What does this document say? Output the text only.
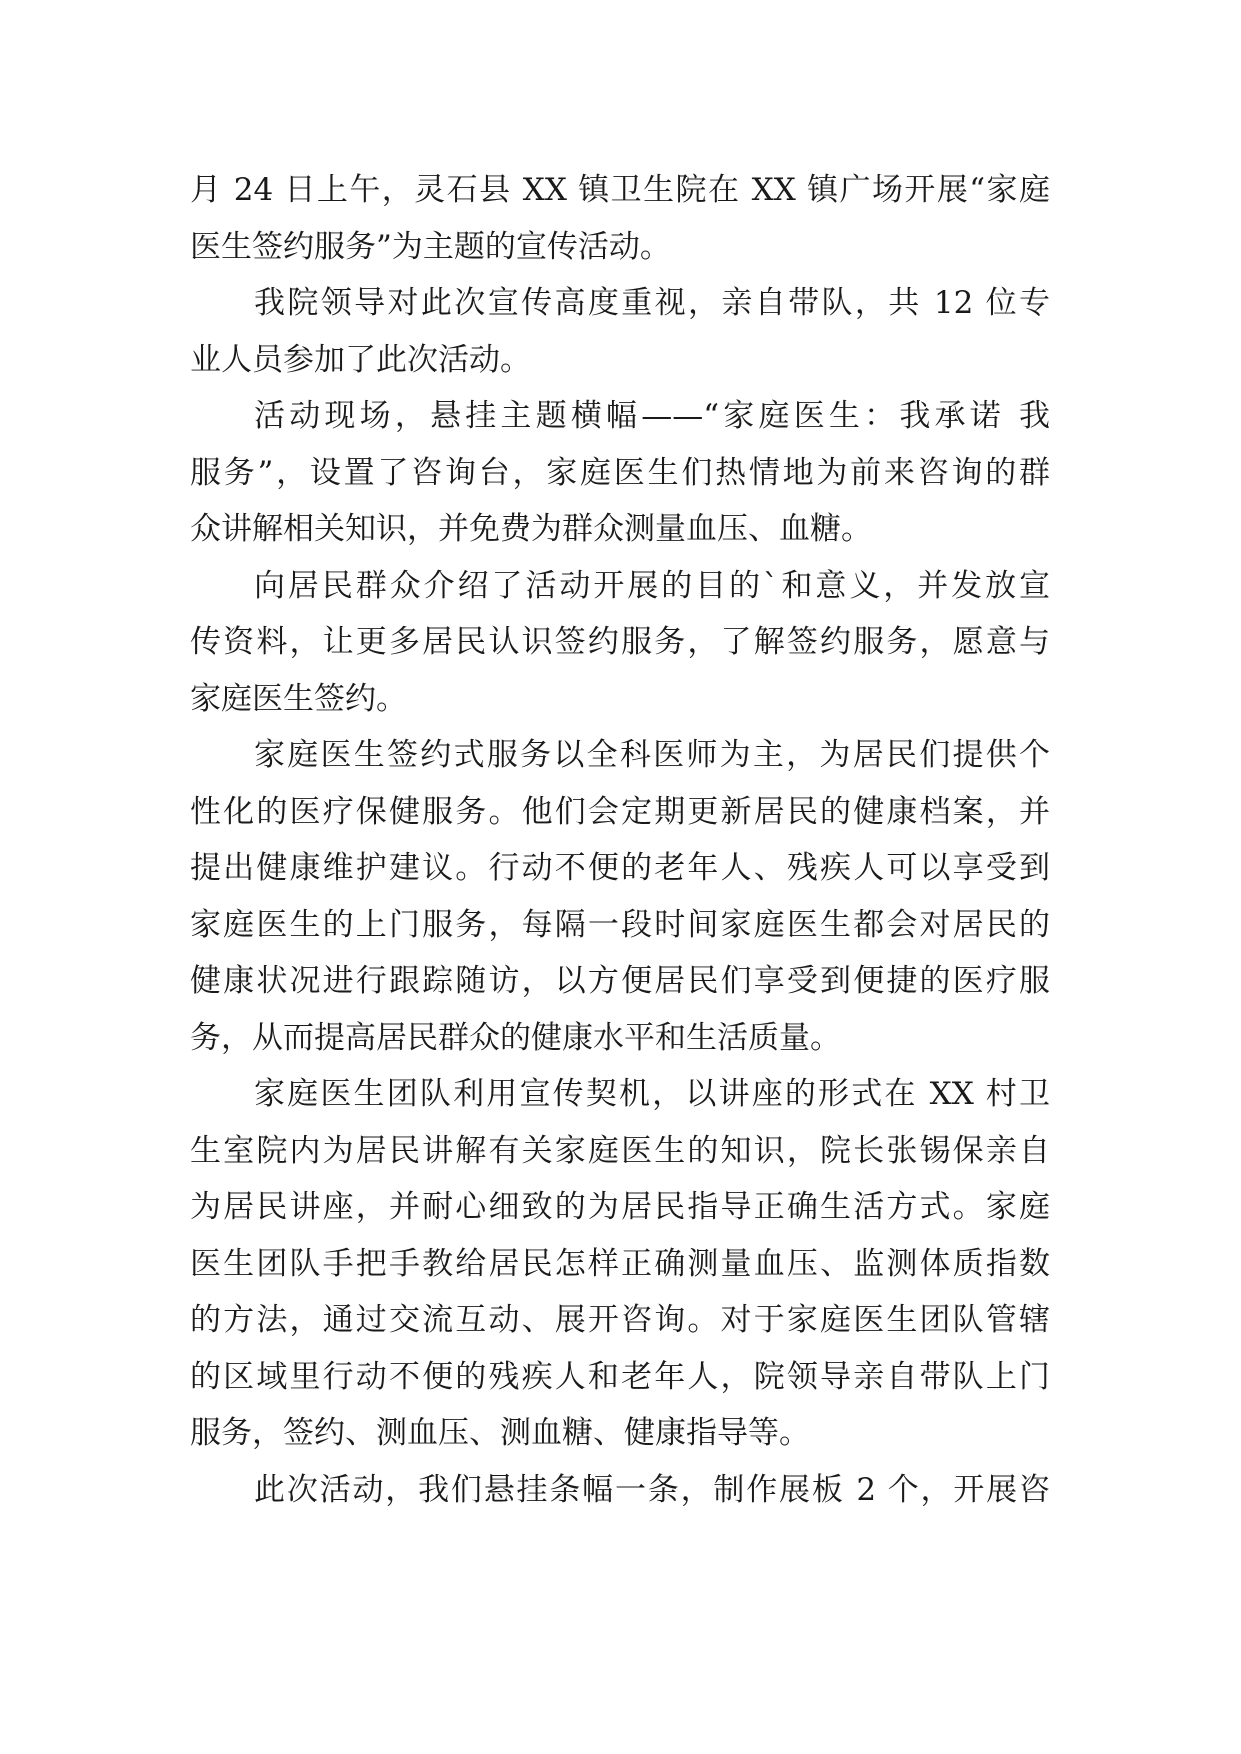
月 24 日上午，灵石县 XX 镇卫生院在 XX 镇广场开展“家庭
医生签约服务”为主题的宣传活动。
我院领导对此次宣传高度重视，亲自带队，共 12 位专
业人员参加了此次活动。
活动现场，悬挂主题横幅——“家庭医生：我承诺 我
服务”，设置了咨询台，家庭医生们热情地为前来咨询的群
众讲解相关知识，并免费为群众测量血压、血糖。
向居民群众介绍了活动开展的目的`和意义，并发放宣
传资料，让更多居民认识签约服务，了解签约服务，愿意与
家庭医生签约。
家庭医生签约式服务以全科医师为主，为居民们提供个
性化的医疗保健服务。他们会定期更新居民的健康档案，并
提出健康维护建议。行动不便的老年人、残疾人可以享受到
家庭医生的上门服务，每隔一段时间家庭医生都会对居民的
健康状况进行跟踪随访，以方便居民们享受到便捷的医疗服
务，从而提高居民群众的健康水平和生活质量。
家庭医生团队利用宣传契机，以讲座的形式在 XX 村卫
生室院内为居民讲解有关家庭医生的知识，院长张锡保亲自
为居民讲座，并耐心细致的为居民指导正确生活方式。家庭
医生团队手把手教给居民怎样正确测量血压、监测体质指数
的方法，通过交流互动、展开咨询。对于家庭医生团队管辖
的区域里行动不便的残疾人和老年人，院领导亲自带队上门
服务，签约、测血压、测血糖、健康指导等。
此次活动，我们悬挂条幅一条，制作展板 2 个，开展咨
